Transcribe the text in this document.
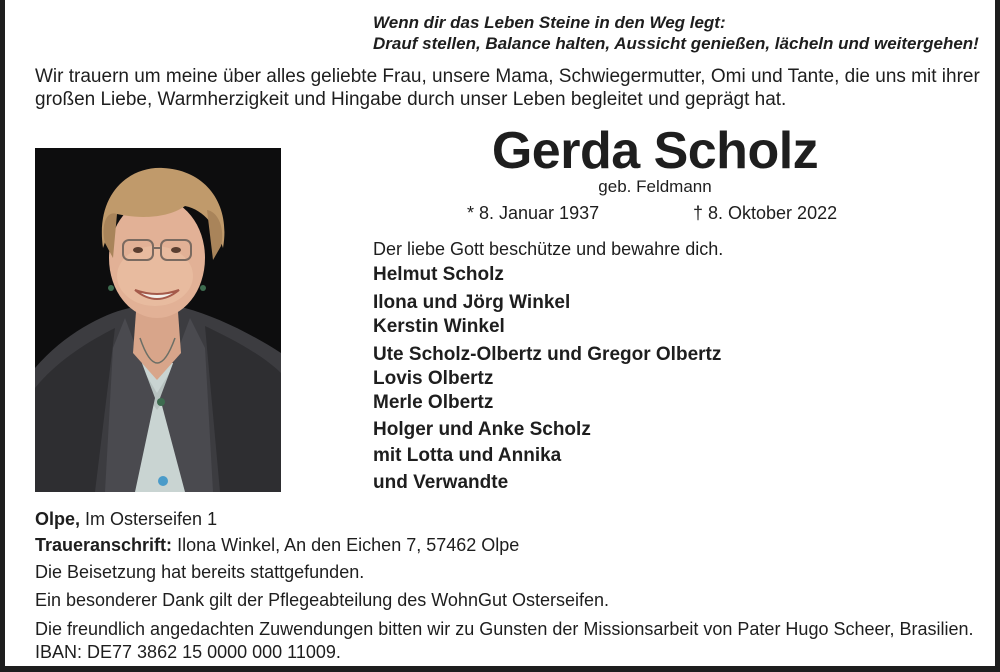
Wenn dir das Leben Steine in den Weg legt:
Drauf stellen, Balance halten, Aussicht genießen, lächeln und weitergehen!
Wir trauern um meine über alles geliebte Frau, unsere Mama, Schwiegermutter, Omi und Tante, die uns mit ihrer großen Liebe, Warmherzigkeit und Hingabe durch unser Leben begleitet und geprägt hat.
Gerda Scholz
geb. Feldmann
* 8. Januar 1937	† 8. Oktober 2022
Der liebe Gott beschütze und bewahre dich.
Helmut Scholz
Ilona und Jörg Winkel
Kerstin Winkel
Ute Scholz-Olbertz und Gregor Olbertz
Lovis Olbertz
Merle Olbertz
Holger und Anke Scholz
mit Lotta und Annika
und Verwandte
Olpe, Im Osterseifen 1
Traueranschrift: Ilona Winkel, An den Eichen 7, 57462 Olpe
Die Beisetzung hat bereits stattgefunden.
Ein besonderer Dank gilt der Pflegeabteilung des WohnGut Osterseifen.
Die freundlich angedachten Zuwendungen bitten wir zu Gunsten der Missionsarbeit von Pater Hugo Scheer, Brasilien. IBAN: DE77 3862 15 0000 000 11009.
